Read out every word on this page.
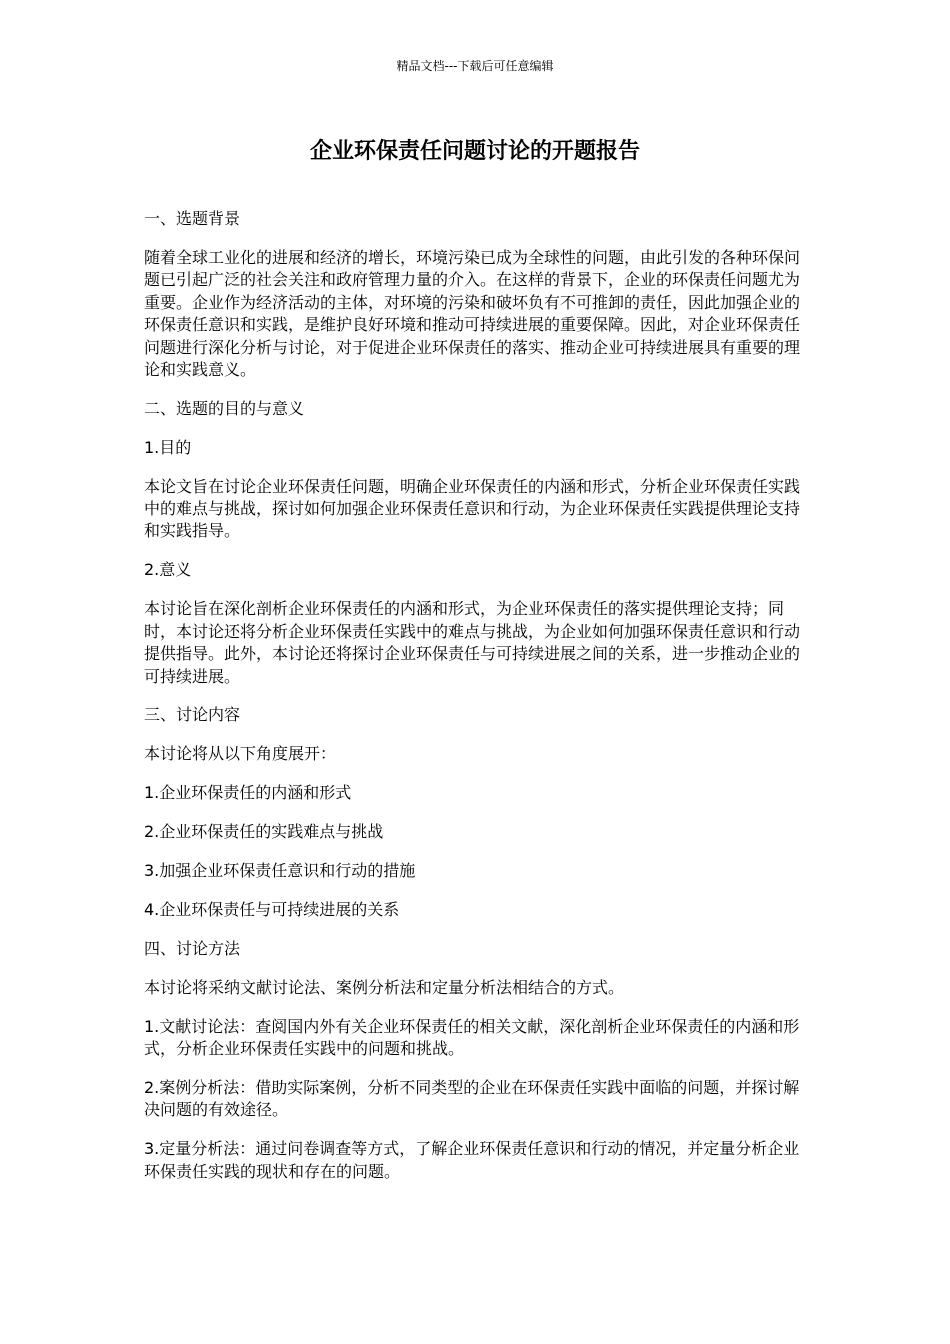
精品文档---下载后可任意编辑
企业环保责任问题讨论的开题报告

一、选题背景

随着全球工业化的进展和经济的增长，环境污染已成为全球性的问题，由此引发的各种环保问题已引起广泛的社会关注和政府管理力量的介入。在这样的背景下，企业的环保责任问题尤为重要。企业作为经济活动的主体，对环境的污染和破坏负有不可推卸的责任，因此加强企业的环保责任意识和实践，是维护良好环境和推动可持续进展的重要保障。因此，对企业环保责任问题进行深化分析与讨论，对于促进企业环保责任的落实、推动企业可持续进展具有重要的理论和实践意义。

二、选题的目的与意义

1.目的

本论文旨在讨论企业环保责任问题，明确企业环保责任的内涵和形式，分析企业环保责任实践中的难点与挑战，探讨如何加强企业环保责任意识和行动，为企业环保责任实践提供理论支持和实践指导。

2.意义

本讨论旨在深化剖析企业环保责任的内涵和形式，为企业环保责任的落实提供理论支持；同时，本讨论还将分析企业环保责任实践中的难点与挑战，为企业如何加强环保责任意识和行动提供指导。此外，本讨论还将探讨企业环保责任与可持续进展之间的关系，进一步推动企业的可持续进展。

三、讨论内容

本讨论将从以下角度展开：

1.企业环保责任的内涵和形式

2.企业环保责任的实践难点与挑战

3.加强企业环保责任意识和行动的措施

4.企业环保责任与可持续进展的关系

四、讨论方法

本讨论将采纳文献讨论法、案例分析法和定量分析法相结合的方式。

1.文献讨论法：查阅国内外有关企业环保责任的相关文献，深化剖析企业环保责任的内涵和形式，分析企业环保责任实践中的问题和挑战。

2.案例分析法：借助实际案例，分析不同类型的企业在环保责任实践中面临的问题，并探讨解决问题的有效途径。

3.定量分析法：通过问卷调查等方式，了解企业环保责任意识和行动的情况，并定量分析企业环保责任实践的现状和存在的问题。
